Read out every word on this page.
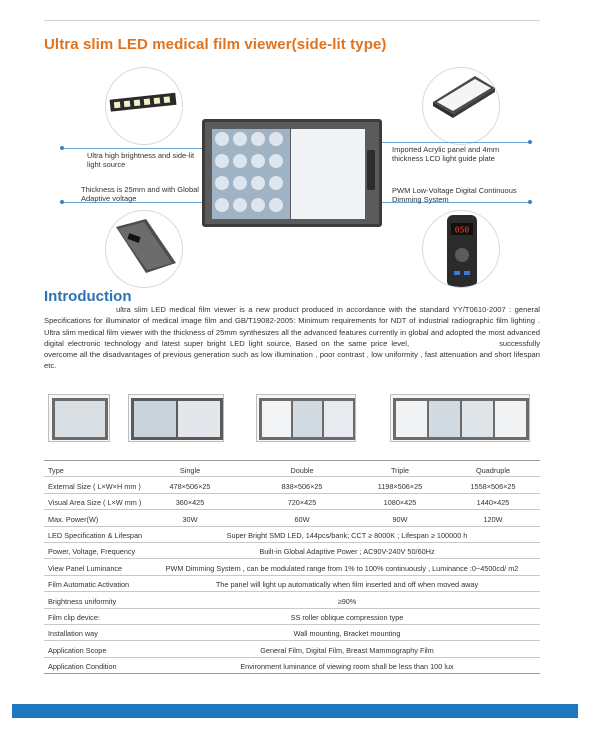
Ultra slim LED medical film viewer(side-lit type)
050
Ultra high brightness and side-lit light source
Thickness is 25mm and with Global Adaptive voltage
Imported Acrylic panel and 4mm thickness LCD light guide plate
PWM Low-Voltage Digital Continuous Dimming System
Introduction

ultra slim LED medical film viewer is a new product produced in accordance with the standard YY/T0610-2007 : general Specifications for illuminator of medical image film and GB/T19082-2005: Minimum requirements for NDT of industrial radiographic film lighting . Ultra slim medical film viewer with the thickness of 25mm synthesizes all the advanced features currently in global and adopted the most advanced digital electronic technology and latest super bright LED light source, Based on the same price level,	successfully overcome all the disadvantages of previous generation such as low illumination , poor contrast , low uniformity , fast attenuation and short lifespan etc.

Type	Single	Double	Triple	Quadruple
External Size ( L×W×H mm )	478×506×25	838×506×25	1198×506×25	1558×506×25
Visual Area Size ( L×W mm )	360×425	720×425	1080×425	1440×425
Max. Power(W)	30W	60W	90W	120W
LED Specification & Lifespan	Super Bright SMD LED, 144pcs/bank; CCT ≥ 8000K ; Lifespan ≥ 100000 h
Power, Voltage, Frequency	Built-in Global Adaptive Power ; AC90V-240V 50/60Hz
View Panel Luminance	PWM Dimming System , can be modulated range from 1% to 100% continuously , Luminance :0~4500cd/ m2
Film Automatic Activation	The panel will light up automatically when film inserted and off when moved away
Brightness uniformity	≥90%
Film clip device:	SS roller oblique compression type
Installation way	Wall mounting, Bracket mounting
Application Scope	General Film, Digital Film, Breast Mammography Film
Application Condition	Environment luminance of viewing room shall be less than 100 lux
